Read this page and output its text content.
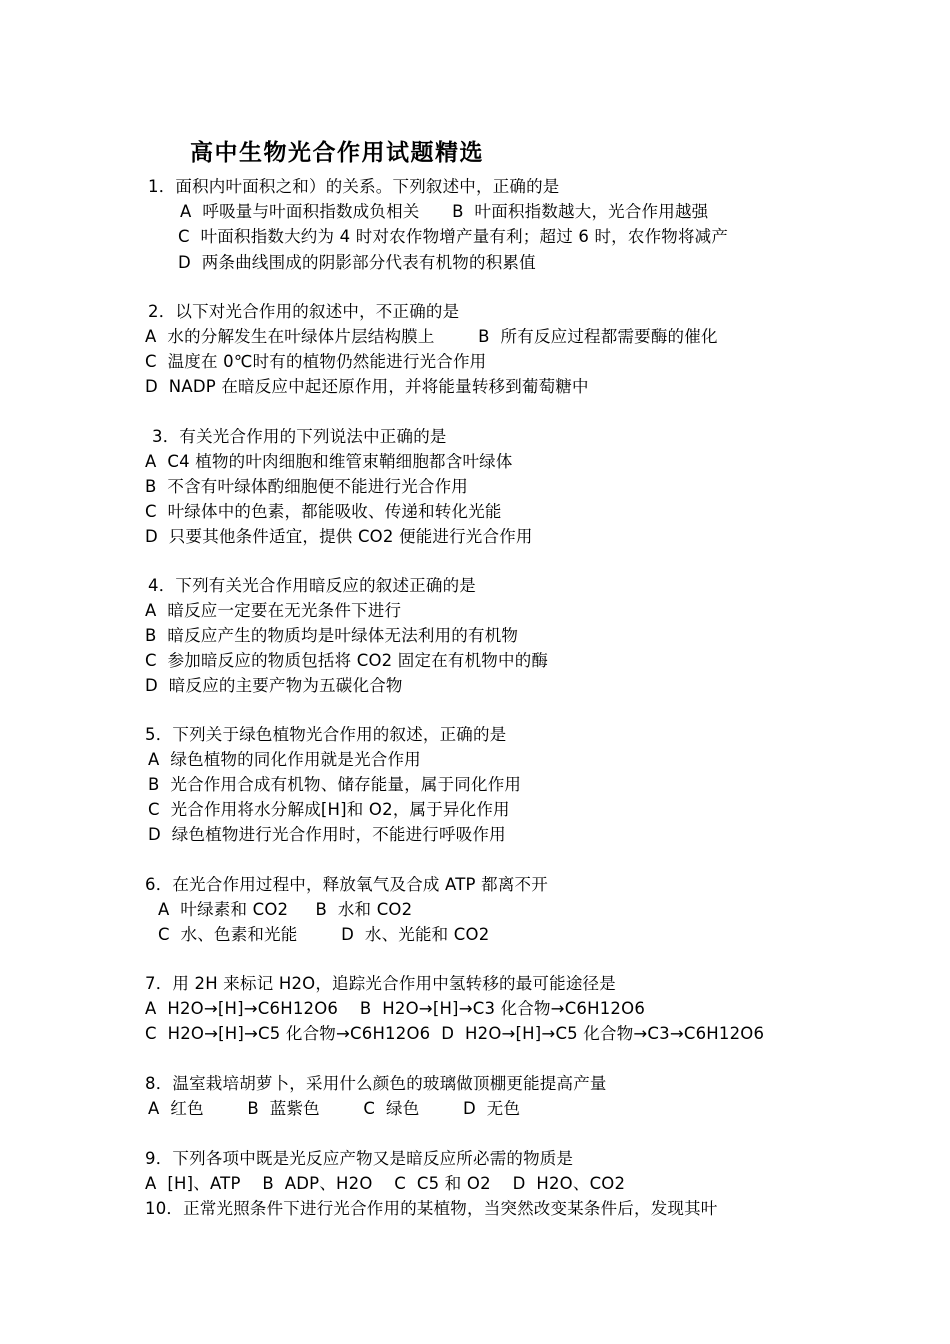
高中生物光合作用试题精选
1．面积内叶面积之和）的关系。下列叙述中，正确的是
A  呼吸量与叶面积指数成负相关      B  叶面积指数越大，光合作用越强
C  叶面积指数大约为 4 时对农作物增产量有利；超过 6 时，农作物将减产
D  两条曲线围成的阴影部分代表有机物的积累值
2．以下对光合作用的叙述中，不正确的是
A  水的分解发生在叶绿体片层结构膜上        B  所有反应过程都需要酶的催化
C  温度在 0℃时有的植物仍然能进行光合作用
D  NADP 在暗反应中起还原作用，并将能量转移到葡萄糖中
3．有关光合作用的下列说法中正确的是
A  C4 植物的叶肉细胞和维管束鞘细胞都含叶绿体
B  不含有叶绿体酌细胞便不能进行光合作用
C  叶绿体中的色素，都能吸收、传递和转化光能
D  只要其他条件适宜，提供 CO2 便能进行光合作用
4．下列有关光合作用暗反应的叙述正确的是
A  暗反应一定要在无光条件下进行
B  暗反应产生的物质均是叶绿体无法利用的有机物
C  参加暗反应的物质包括将 CO2 固定在有机物中的酶
D  暗反应的主要产物为五碳化合物
5．下列关于绿色植物光合作用的叙述，正确的是
A  绿色植物的同化作用就是光合作用
B  光合作用合成有机物、储存能量，属于同化作用
C  光合作用将水分解成[H]和 O2，属于异化作用
D  绿色植物进行光合作用时，不能进行呼吸作用
6．在光合作用过程中，释放氧气及合成 ATP 都离不开
A  叶绿素和 CO2     B  水和 CO2
C  水、色素和光能        D  水、光能和 CO2
7．用 2H 来标记 H2O，追踪光合作用中氢转移的最可能途径是
A  H2O→[H]→C6H12O6    B  H2O→[H]→C3 化合物→C6H12O6
C  H2O→[H]→C5 化合物→C6H12O6  D  H2O→[H]→C5 化合物→C3→C6H12O6
8．温室栽培胡萝卜，采用什么颜色的玻璃做顶棚更能提高产量
A  红色        B  蓝紫色        C  绿色        D  无色
9．下列各项中既是光反应产物又是暗反应所必需的物质是
A  [H]、ATP    B  ADP、H2O    C  C5 和 O2    D  H2O、CO2
10．正常光照条件下进行光合作用的某植物，当突然改变某条件后，发现其叶
